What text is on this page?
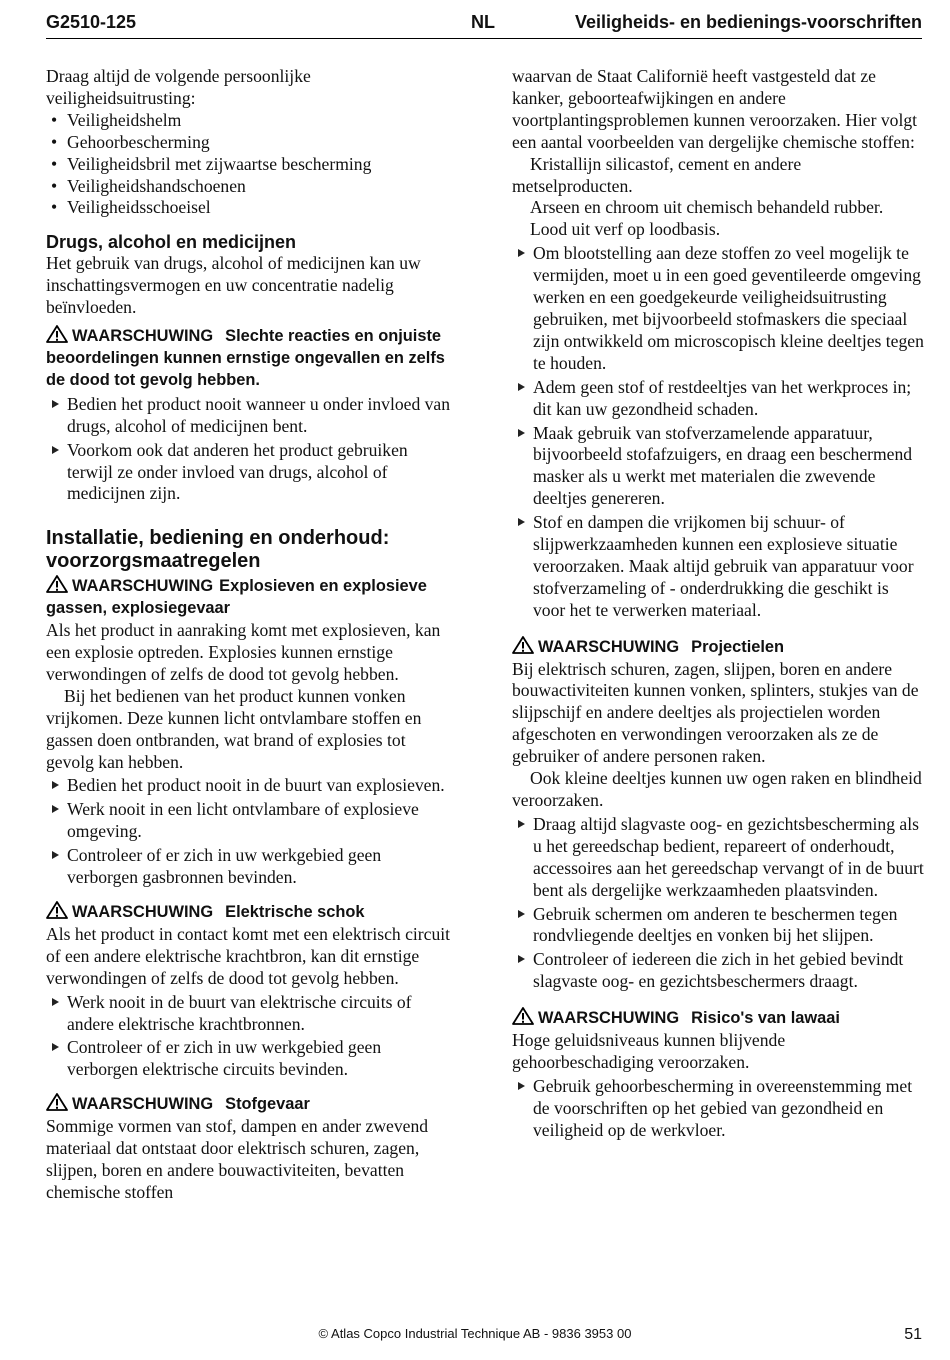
G2510-125	NL	Veiligheids- en bedienings-voorschriften

Draag altijd de volgende persoonlijke veiligheidsuitrusting:

• Veiligheidshelm
• Gehoorbescherming
• Veiligheidsbril met zijwaartse bescherming
• Veiligheidshandschoenen
• Veiligheidsschoeisel
Drugs, alcohol en medicijnen

Het gebruik van drugs, alcohol of medicijnen kan uw inschattingsvermogen en uw concentratie nadelig beïnvloeden.

WAARSCHUWING Slechte reacties en onjuiste beoordelingen kunnen ernstige ongevallen en zelfs de dood tot gevolg hebben.
Bedien het product nooit wanneer u onder invloed van drugs, alcohol of medicijnen bent.
Voorkom ook dat anderen het product gebruiken terwijl ze onder invloed van drugs, alcohol of medicijnen zijn.
Installatie, bediening en onderhoud: voorzorgsmaatregelen
WAARSCHUWING Explosieven en explosieve gassen, explosiegevaar

Als het product in aanraking komt met explosieven, kan een explosie optreden. Explosies kunnen ernstige verwondingen of zelfs de dood tot gevolg hebben.

Bij het bedienen van het product kunnen vonken vrijkomen. Deze kunnen licht ontvlambare stoffen en gassen doen ontbranden, wat brand of explosies tot gevolg kan hebben.

Bedien het product nooit in de buurt van explosieven.
Werk nooit in een licht ontvlambare of explosieve omgeving.
Controleer of er zich in uw werkgebied geen verborgen gasbronnen bevinden.
WAARSCHUWING Elektrische schok

Als het product in contact komt met een elektrisch circuit of een andere elektrische krachtbron, kan dit ernstige verwondingen of zelfs de dood tot gevolg hebben.

Werk nooit in de buurt van elektrische circuits of andere elektrische krachtbronnen.
Controleer of er zich in uw werkgebied geen verborgen elektrische circuits bevinden.
WAARSCHUWING Stofgevaar

Sommige vormen van stof, dampen en ander zwevend materiaal dat ontstaat door elektrisch schuren, zagen, slijpen, boren en andere bouwactiviteiten, bevatten chemische stoffen

waarvan de Staat Californië heeft vastgesteld dat ze kanker, geboorteafwijkingen en andere voortplantingsproblemen kunnen veroorzaken. Hier volgt een aantal voorbeelden van dergelijke chemische stoffen:

Kristallijn silicastof, cement en andere metselproducten.

Arseen en chroom uit chemisch behandeld rubber.

Lood uit verf op loodbasis.

Om blootstelling aan deze stoffen zo veel mogelijk te vermijden, moet u in een goed geventileerde omgeving werken en een goedgekeurde veiligheidsuitrusting gebruiken, met bijvoorbeeld stofmaskers die speciaal zijn ontwikkeld om microscopisch kleine deeltjes tegen te houden.
Adem geen stof of restdeeltjes van het werkproces in; dit kan uw gezondheid schaden.
Maak gebruik van stofverzamelende apparatuur, bijvoorbeeld stofafzuigers, en draag een beschermend masker als u werkt met materialen die zwevende deeltjes genereren.
Stof en dampen die vrijkomen bij schuur- of slijpwerkzaamheden kunnen een explosieve situatie veroorzaken. Maak altijd gebruik van apparatuur voor stofverzameling of - onderdrukking die geschikt is voor het te verwerken materiaal.
WAARSCHUWING Projectielen

Bij elektrisch schuren, zagen, slijpen, boren en andere bouwactiviteiten kunnen vonken, splinters, stukjes van de slijpschijf en andere deeltjes als projectielen worden afgeschoten en verwondingen veroorzaken als ze de gebruiker of andere personen raken.

Ook kleine deeltjes kunnen uw ogen raken en blindheid veroorzaken.

Draag altijd slagvaste oog- en gezichtsbescherming als u het gereedschap bedient, repareert of onderhoudt, accessoires aan het gereedschap vervangt of in de buurt bent als dergelijke werkzaamheden plaatsvinden.
Gebruik schermen om anderen te beschermen tegen rondvliegende deeltjes en vonken bij het slijpen.
Controleer of iedereen die zich in het gebied bevindt slagvaste oog- en gezichtsbeschermers draagt.
WAARSCHUWING Risico's van lawaai

Hoge geluidsniveaus kunnen blijvende gehoorbeschadiging veroorzaken.

Gebruik gehoorbescherming in overeenstemming met de voorschriften op het gebied van gezondheid en veiligheid op de werkvloer.
© Atlas Copco Industrial Technique AB - 9836 3953 00	51
